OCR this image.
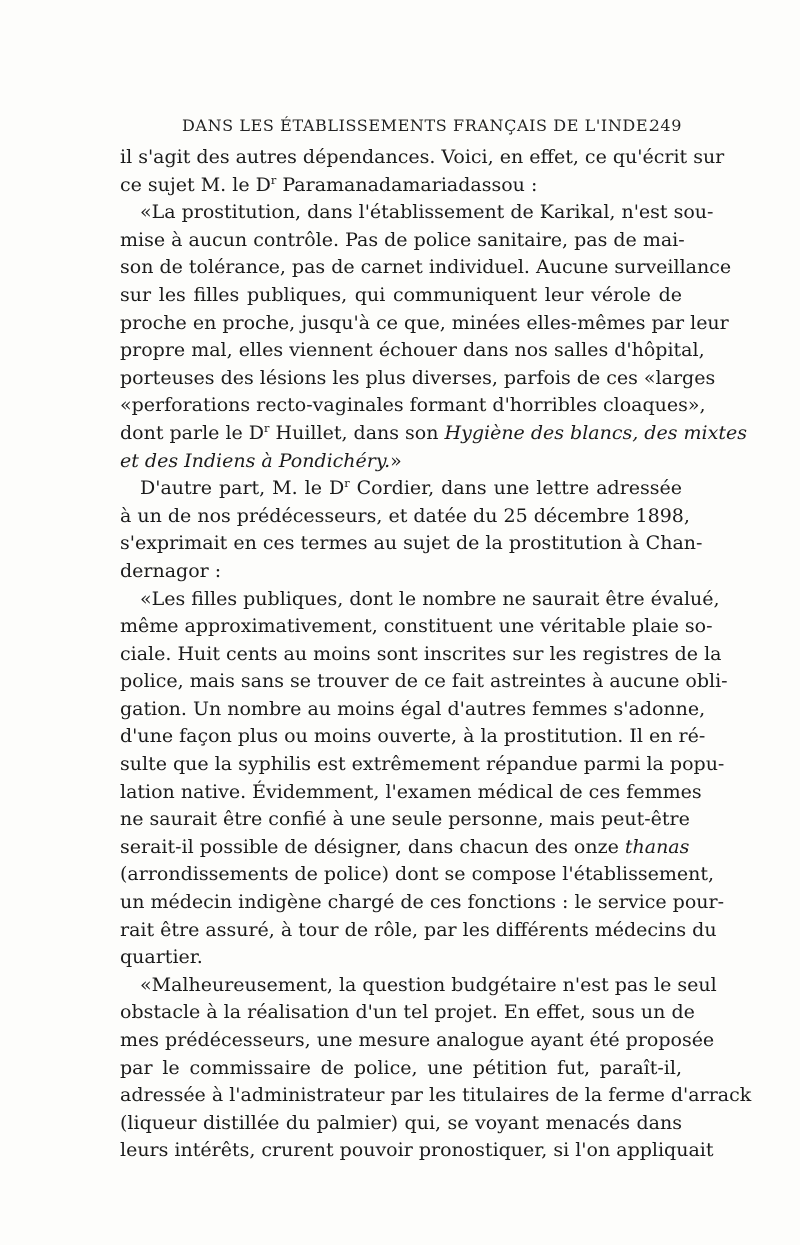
DANS LES ÉTABLISSEMENTS FRANÇAIS DE L'INDE.
249
il s'agit des autres dépendances. Voici, en effet, ce qu'écrit sur
ce sujet M. le $D^r$ Paramanadamariadassou :
«La prostitution, dans l'établissement de Karikal, n'est sou-
mise à aucun contrôle. Pas de police sanitaire, pas de mai-
son de tolérance, pas de carnet individuel. Aucune surveillance
sur les filles publiques, qui communiquent leur vérole de
proche en proche, jusqu'à ce que, minées elles-mêmes par leur
propre mal, elles viennent échouer dans nos salles d'hôpital,
porteuses des lésions les plus diverses, parfois de ces «larges
«perforations recto-vaginales formant d'horribles cloaques»,
dont parle le $D^r$ Huillet, dans son Hygiène des blancs, des mixtes
et des Indiens à Pondichéry.»
D'autre part, M. le $D^r$ Cordier, dans une lettre adressée
à un de nos prédécesseurs, et datée du 25 décembre 1898,
s'exprimait en ces termes au sujet de la prostitution à Chan-
dernagor :
«Les filles publiques, dont le nombre ne saurait être évalué,
même approximativement, constituent une véritable plaie so-
ciale. Huit cents au moins sont inscrites sur les registres de la
police, mais sans se trouver de ce fait astreintes à aucune obli-
gation. Un nombre au moins égal d'autres femmes s'adonne,
d'une façon plus ou moins ouverte, à la prostitution. Il en ré-
sulte que la syphilis est extrêmement répandue parmi la popu-
lation native. Évidemment, l'examen médical de ces femmes
ne saurait être confié à une seule personne, mais peut-être
serait-il possible de désigner, dans chacun des onze thanas
(arrondissements de police) dont se compose l'établissement,
un médecin indigène chargé de ces fonctions : le service pour-
rait être assuré, à tour de rôle, par les différents médecins du
quartier.
«Malheureusement, la question budgétaire n'est pas le seul
obstacle à la réalisation d'un tel projet. En effet, sous un de
mes prédécesseurs, une mesure analogue ayant été proposée
par le commissaire de police, une pétition fut, paraît-il,
adressée à l'administrateur par les titulaires de la ferme d'arrack
(liqueur distillée du palmier) qui, se voyant menacés dans
leurs intérêts, crurent pouvoir pronostiquer, si l'on appliquait
